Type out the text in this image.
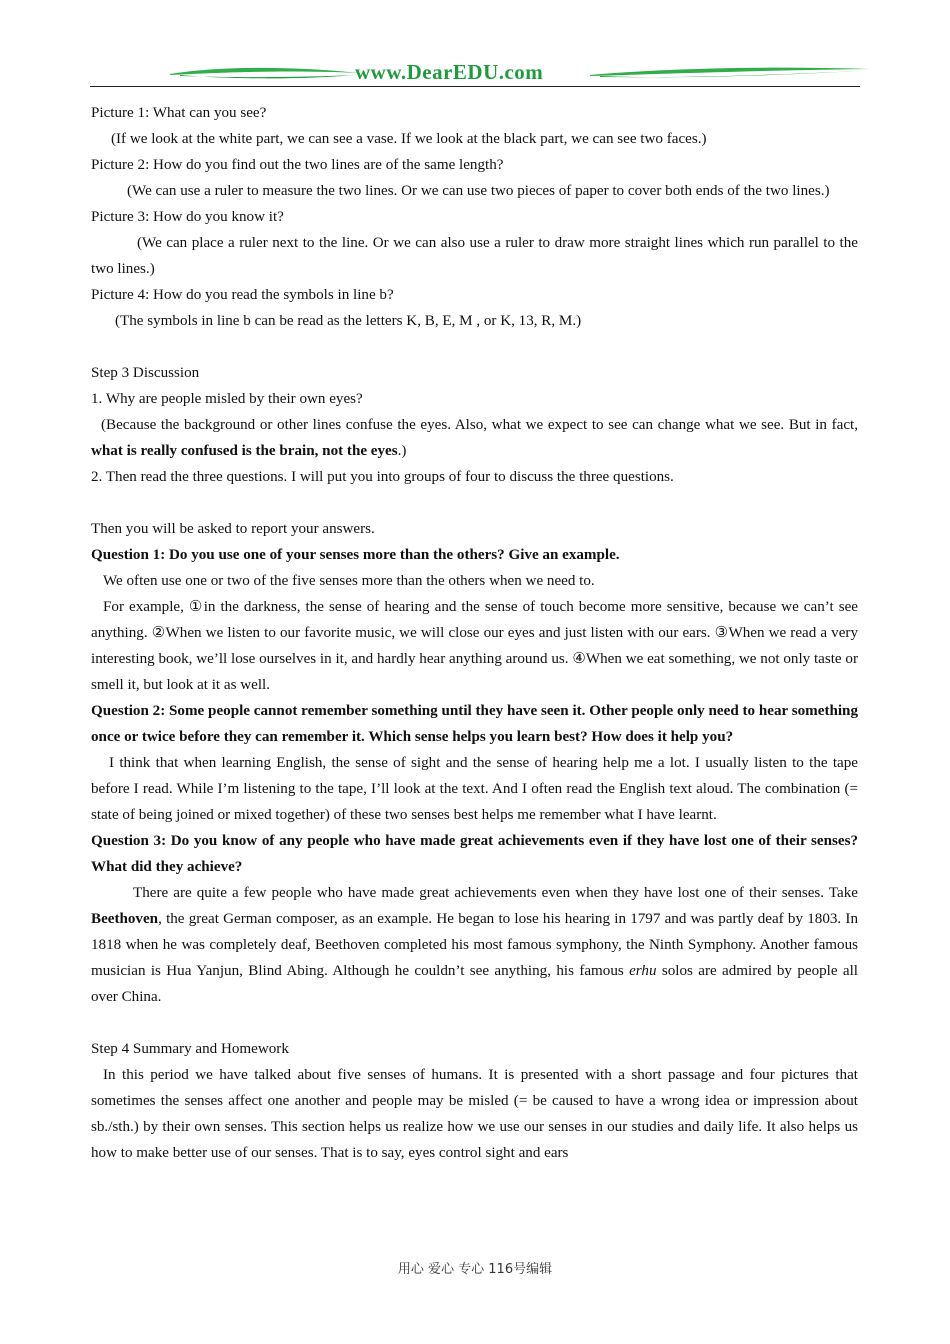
www.DearEDU.com

Picture 1: What can you see?

(If we look at the white part, we can see a vase. If we look at the black part, we can see two faces.)

Picture 2: How do you find out the two lines are of the same length?

(We can use a ruler to measure the two lines. Or we can use two pieces of paper to cover both ends of the two lines.)

Picture 3: How do you know it?

(We can place a ruler next to the line. Or we can also use a ruler to draw more straight lines which run parallel to the two lines.)

Picture 4: How do you read the symbols in line b?

(The symbols in line b can be read as the letters K, B, E, M , or K, 13, R, M.)

Step 3 Discussion

1. Why are people misled by their own eyes?

(Because the background or other lines confuse the eyes. Also, what we expect to see can change what we see. But in fact, what is really confused is the brain, not the eyes.)

2. Then read the three questions. I will put you into groups of four to discuss the three questions.

Then you will be asked to report your answers.

Question 1: Do you use one of your senses more than the others? Give an example.

We often use one or two of the five senses more than the others when we need to.

For example, ①in the darkness, the sense of hearing and the sense of touch become more sensitive, because we can’t see anything. ②When we listen to our favorite music, we will close our eyes and just listen with our ears. ③When we read a very interesting book, we’ll lose ourselves in it, and hardly hear anything around us. ④When we eat something, we not only taste or smell it, but look at it as well.

Question 2: Some people cannot remember something until they have seen it. Other people only need to hear something once or twice before they can remember it. Which sense helps you learn best? How does it help you?

I think that when learning English, the sense of sight and the sense of hearing help me a lot. I usually listen to the tape before I read. While I’m listening to the tape, I’ll look at the text. And I often read the English text aloud. The combination (= state of being joined or mixed together) of these two senses best helps me remember what I have learnt.

Question 3: Do you know of any people who have made great achievements even if they have lost one of their senses? What did they achieve?

There are quite a few people who have made great achievements even when they have lost one of their senses. Take Beethoven, the great German composer, as an example. He began to lose his hearing in 1797 and was partly deaf by 1803. In 1818 when he was completely deaf, Beethoven completed his most famous symphony, the Ninth Symphony. Another famous musician is Hua Yanjun, Blind Abing. Although he couldn’t see anything, his famous erhu solos are admired by people all over China.

Step 4 Summary and Homework

In this period we have talked about five senses of humans. It is presented with a short passage and four pictures that sometimes the senses affect one another and people may be misled (= be caused to have a wrong idea or impression about sb./sth.) by their own senses. This section helps us realize how we use our senses in our studies and daily life. It also helps us how to make better use of our senses. That is to say, eyes control sight and ears

用心 爱心 专心 116号编辑
